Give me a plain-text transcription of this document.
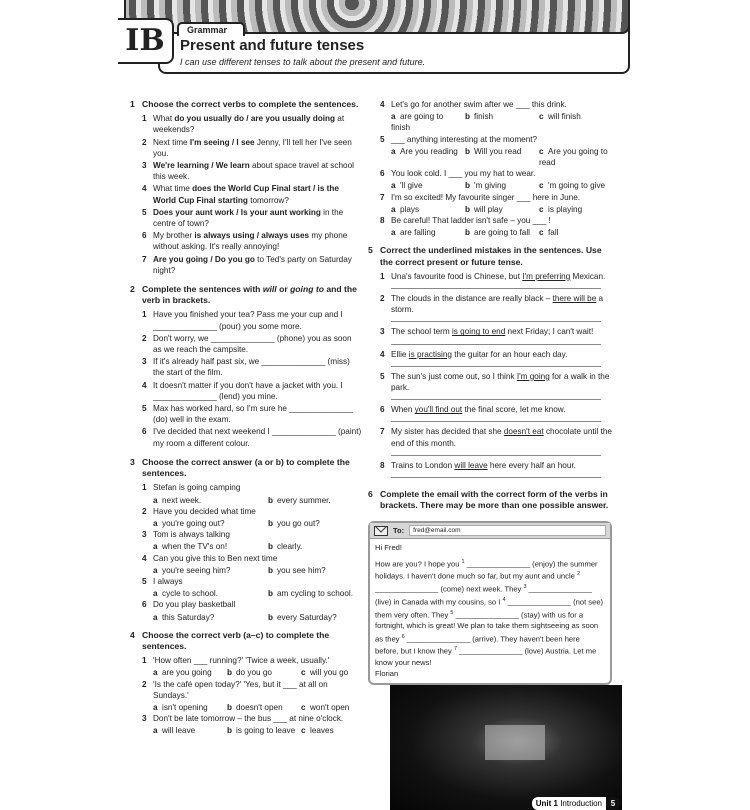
IB	Grammar
Present and future tenses
I can use different tenses to talk about the present and future.
1 Choose the correct verbs to complete the sentences.
1 What do you usually do / are you usually doing at weekends?
2 Next time I'm seeing / I see Jenny, I'll tell her I've seen you.
3 We're learning / We learn about space travel at school this week.
4 What time does the World Cup Final start / is the World Cup Final starting tomorrow?
5 Does your aunt work / Is your aunt working in the centre of town?
6 My brother is always using / always uses my phone without asking. It's really annoying!
7 Are you going / Do you go to Ted's party on Saturday night?
2 Complete the sentences with will or going to and the verb in brackets.
1 Have you finished your tea? Pass me your cup and I ______________ (pour) you some more.
2 Don't worry, we ______________ (phone) you as soon as we reach the campsite.
3 If it's already half past six, we ______________ (miss) the start of the film.
4 It doesn't matter if you don't have a jacket with you. I ______________ (lend) you mine.
5 Max has worked hard, so I'm sure he ______________ (do) well in the exam.
6 I've decided that next weekend I ______________ (paint) my room a different colour.
3 Choose the correct answer (a or b) to complete the sentences.
1 Stefan is going camping
a next week.	b every summer.
2 Have you decided what time
a you're going out?	b you go out?
3 Tom is always talking
a when the TV's on!	b clearly.
4 Can you give this to Ben next time
a you're seeing him?	b you see him?
5 I always
a cycle to school.	b am cycling to school.
6 Do you play basketball
a this Saturday?	b every Saturday?
4 Choose the correct verb (a–c) to complete the sentences.
1 'How often ___ running?' 'Twice a week, usually.'
a are you going	b do you go	c will you go
2 'Is the café open today?' 'Yes, but it ___ at all on Sundays.'
a isn't opening	b doesn't open	c won't open
3 Don't be late tomorrow – the bus ___ at nine o'clock.
a will leave	b is going to leave c leaves
4 Let's go for another swim after we ___ this drink.
a are going to finish
b finish	c will finish
5 ___ anything interesting at the moment?
a Are you reading b Will you read	c Are you going to read
6 You look cold. I ___ you my hat to wear.
a 'll give	b 'm giving	c 'm going to give
7 I'm so excited! My favourite singer ___ here in June.
a plays	b will play	c is playing
8 Be careful! That ladder isn't safe – you ___ !
a are falling	b are going to fall	c fall
5 Correct the underlined mistakes in the sentences. Use the correct present or future tense.
1 Una's favourite food is Chinese, but I'm preferring Mexican.
2 The clouds in the distance are really black – there will be a storm.
3 The school term is going to end next Friday; I can't wait!
4 Ellie is practising the guitar for an hour each day.
5 The sun's just come out, so I think I'm going for a walk in the park.
6 When you'll find out the final score, let me know.
7 My sister has decided that she doesn't eat chocolate until the end of this month.
8 Trains to London will leave here every half an hour.
6 Complete the email with the correct form of the verbs in brackets. There may be more than one possible answer.
To:	fred@email.com
Hi Fred!
How are you? I hope you $^1$ _______________ (enjoy) the summer holidays. I haven't done much so far, but my aunt and uncle $^2$ _______________ (come) next week. They $^3$ _______________ (live) in Canada with my cousins, so I $^4$ _______________ (not see) them very often. They $^5$ _______________ (stay) with us for a fortnight, which is great! We plan to take them sightseeing as soon as they $^6$ _______________ (arrive). They haven't been here before, but I know they $^7$ _______________ (love) Austria. Let me know your news!
Florian
Unit 1 Introduction	5
